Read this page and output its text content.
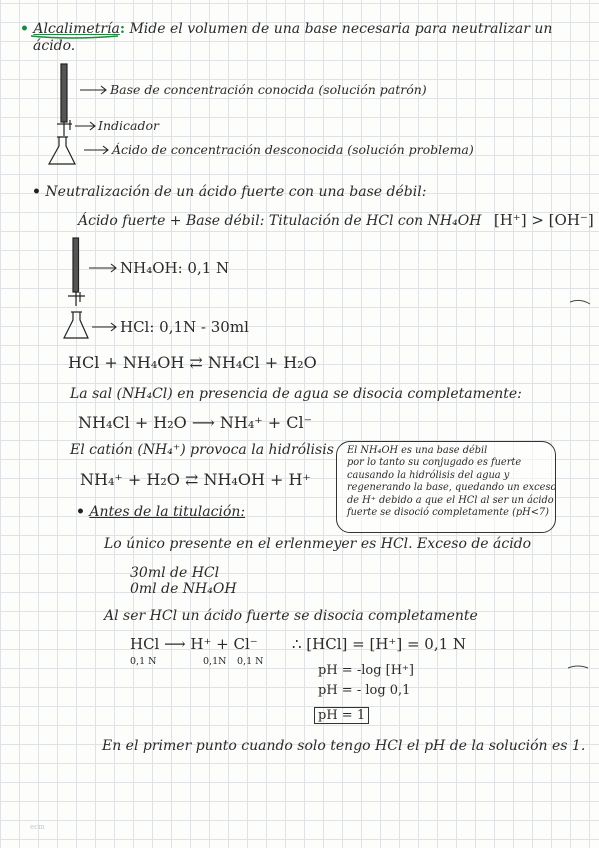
• Alcalimetría: Mide el volumen de una base necesaria para neutralizar un
ácido.
Base de concentración conocida (solución patrón)
Indicador
Ácido de concentración desconocida (solución problema)
• Neutralización de un ácido fuerte con una base débil:
Ácido fuerte + Base débil: Titulación de HCl con NH₄OH [H⁺] > [OH⁻]
NH₄OH: 0,1 N
HCl: 0,1N - 30ml
HCl + NH₄OH ⇄ NH₄Cl + H₂O
La sal (NH₄Cl) en presencia de agua se disocia completamente:
NH₄Cl + H₂O ⟶ NH₄⁺ + Cl⁻
El catión (NH₄⁺) provoca la hidrólisis
NH₄⁺ + H₂O ⇄ NH₄OH + H⁺
El NH₄OH es una base débil
por lo tanto su conjugado es fuerte
causando la hidrólisis del agua y
regenerando la base, quedando un exceso
de H⁺ debido a que el HCl al ser un ácido
fuerte se disoció completamente (pH<7)
• Antes de la titulación:
Lo único presente en el erlenmeyer es HCl. Exceso de ácido
30ml de HCl
0ml de NH₄OH
Al ser HCl un ácido fuerte se disocia completamente
HCl ⟶ H⁺ + Cl⁻
0,1 N	0,1N 0,1 N
∴ [HCl] = [H⁺] = 0,1 N
pH = -log [H⁺]
pH = - log 0,1
pH = 1
En el primer punto cuando solo tengo HCl el pH de la solución es 1.
ecm
